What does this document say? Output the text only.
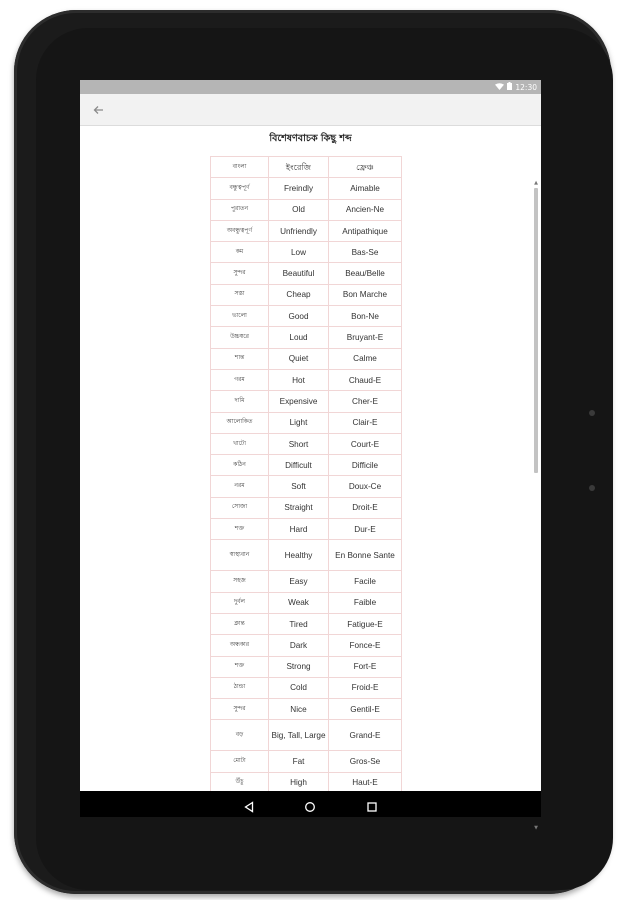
12:30
বিশেষণবাচক কিছু শব্দ
বাংলা	ইংরেজি	ফ্রেঞ্চ
বন্ধুত্বপূর্ণ	Freindly	Aimable
পুরাতন	Old	Ancien-Ne
অবন্ধুত্বপূর্ণ	Unfriendly	Antipathique
কম	Low	Bas-Se
সুন্দর	Beautiful	Beau/Belle
সস্তা	Cheap	Bon Marche
ভালো	Good	Bon-Ne
উচ্চস্বরে	Loud	Bruyant-E
শান্ত	Quiet	Calme
গরম	Hot	Chaud-E
দামি	Expensive	Cher-E
আলোকিত	Light	Clair-E
খাটো	Short	Court-E
কঠিন	Difficult	Difficile
নরম	Soft	Doux-Ce
সোজা	Straight	Droit-E
শক্ত	Hard	Dur-E
স্বাস্থ্যবান	Healthy	En Bonne Sante
সহজ	Easy	Facile
দুর্বল	Weak	Faible
ক্লান্ত	Tired	Fatigue-E
অন্ধকার	Dark	Fonce-E
শক্ত	Strong	Fort-E
ঠান্ডা	Cold	Froid-E
সুন্দর	Nice	Gentil-E
বড়	Big, Tall, Large	Grand-E
মোটা	Fat	Gros-Se
উঁচু	High	Haut-E
▲
▼
